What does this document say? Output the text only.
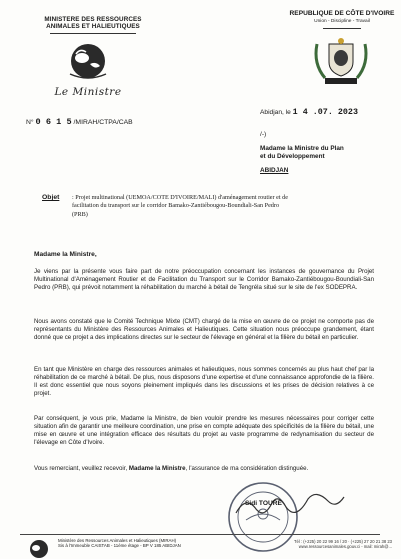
MINISTERE DES RESSOURCES
ANIMALES ET HALIEUTIQUES
Le Ministre
REPUBLIQUE DE CÔTE D'IVOIRE
Union - Discipline - Travail
Abidjan, le 1 4 .07. 2023
N° 0 6 1 5 /MIRAH/CTPA/CAB
/-)
Madame la Ministre du Plan
et du Développement
ABIDJAN
Objet : Projet multinational (UEMOA/COTE D'IVOIRE/MALI) d'aménagement routier et de facilitation du transport sur le corridor Bamako-Zantiébougou-Boundiali-San Pedro (PRB)
Madame la Ministre,

Je viens par la présente vous faire part de notre préoccupation concernant les instances de gouvernance du Projet Multinational d'Aménagement Routier et de Facilitation du Transport sur le Corridor Bamako-Zantiébougou-Boundiali-San Pedro (PRB), qui prévoit notamment la réhabilitation du marché à bétail de Tengréla situé sur le site de l'ex SODEPRA.

Nous avons constaté que le Comité Technique Mixte (CMT) chargé de la mise en œuvre de ce projet ne comporte pas de représentants du Ministère des Ressources Animales et Halieutiques. Cette situation nous préoccupe grandement, étant donné que ce projet a des implications directes sur le secteur de l'élevage en général et la filière du bétail en particulier.

En tant que Ministère en charge des ressources animales et halieutiques, nous sommes concernés au plus haut chef par la réhabilitation de ce marché à bétail. De plus, nous disposons d'une expertise et d'une connaissance approfondie de la filière. Il est donc essentiel que nous soyons pleinement impliqués dans les discussions et les prises de décision relatives à ce projet.

Par conséquent, je vous prie, Madame la Ministre, de bien vouloir prendre les mesures nécessaires pour corriger cette situation afin de garantir une meilleure coordination, une prise en compte adéquate des spécificités de la filière du bétail, une mise en œuvre et une intégration efficace des résultats du projet au vaste programme de redynamisation du secteur de l'élevage en Côte d'Ivoire.

Vous remerciant, veuillez recevoir, Madame la Ministre, l'assurance de ma considération distinguée.

Sidi TOURE
Ministère des Ressources Animales et Halieutiques (MIRAH)
Sis à l'Immeuble CAISTAB - 11ème étage - BP V 185 ABIDJAN
Tél : (+225) 20 22 99 16 / 20 · (+225) 27 20 21 38 23
www.ressourcesanimales.gouv.ci - mail: mirah@...
